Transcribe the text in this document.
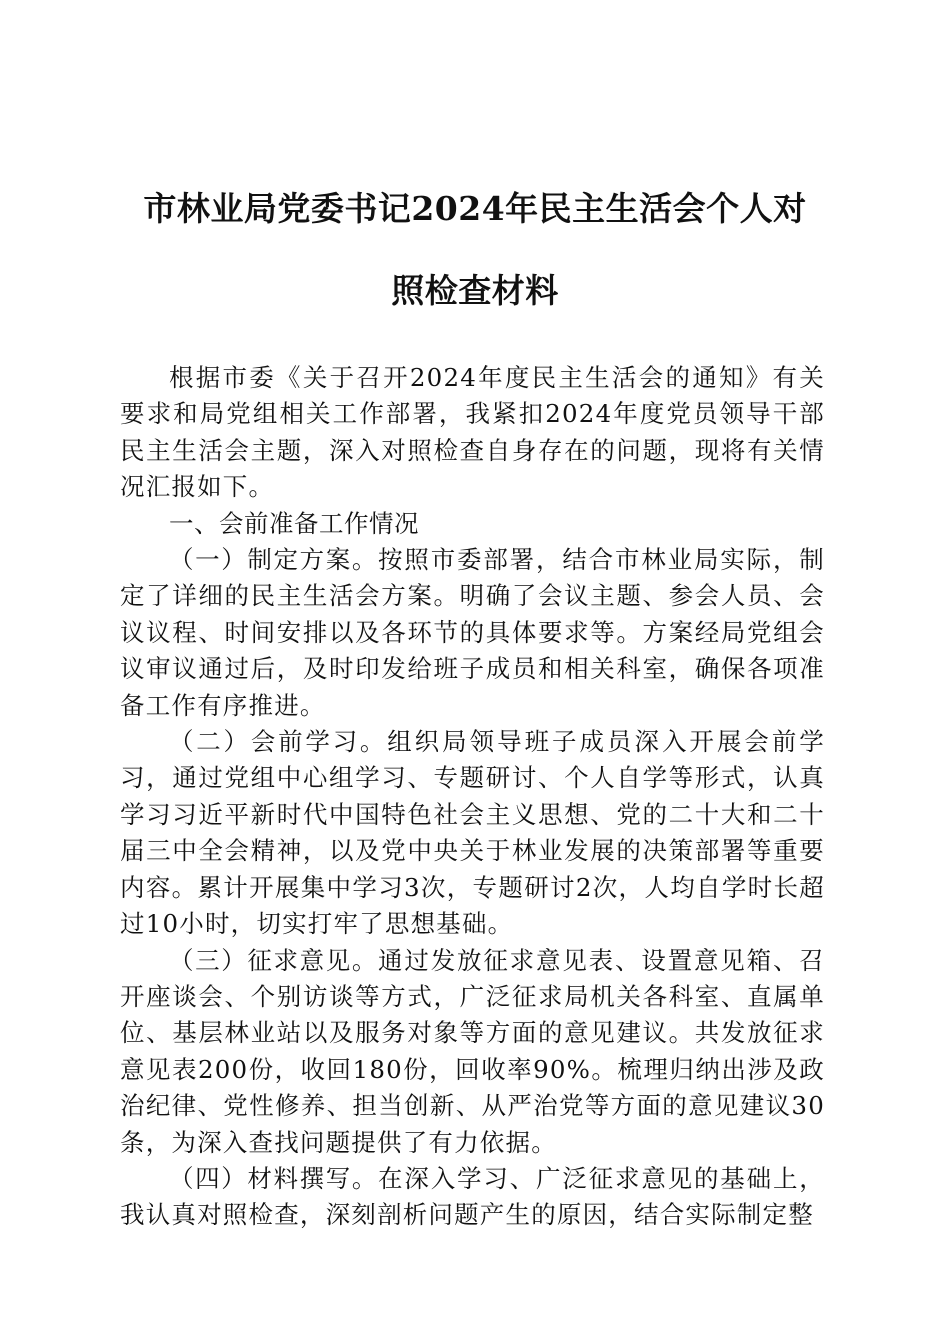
市林业局党委书记2024年民主生活会个人对
照检查材料

根据市委《关于召开2024年度民主生活会的通知》有关要求和局党组相关工作部署，我紧扣2024年度党员领导干部民主生活会主题，深入对照检查自身存在的问题，现将有关情况汇报如下。

一、会前准备工作情况

（一）制定方案。按照市委部署，结合市林业局实际，制定了详细的民主生活会方案。明确了会议主题、参会人员、会议议程、时间安排以及各环节的具体要求等。方案经局党组会议审议通过后，及时印发给班子成员和相关科室，确保各项准备工作有序推进。

（二）会前学习。组织局领导班子成员深入开展会前学习，通过党组中心组学习、专题研讨、个人自学等形式，认真学习习近平新时代中国特色社会主义思想、党的二十大和二十届三中全会精神，以及党中央关于林业发展的决策部署等重要内容。累计开展集中学习3次，专题研讨2次，人均自学时长超过10小时，切实打牢了思想基础。

（三）征求意见。通过发放征求意见表、设置意见箱、召开座谈会、个别访谈等方式，广泛征求局机关各科室、直属单位、基层林业站以及服务对象等方面的意见建议。共发放征求意见表200份，收回180份，回收率90%。梳理归纳出涉及政治纪律、党性修养、担当创新、从严治党等方面的意见建议30条，为深入查找问题提供了有力依据。

（四）材料撰写。在深入学习、广泛征求意见的基础上，我认真对照检查，深刻剖析问题产生的原因，结合实际制定整
